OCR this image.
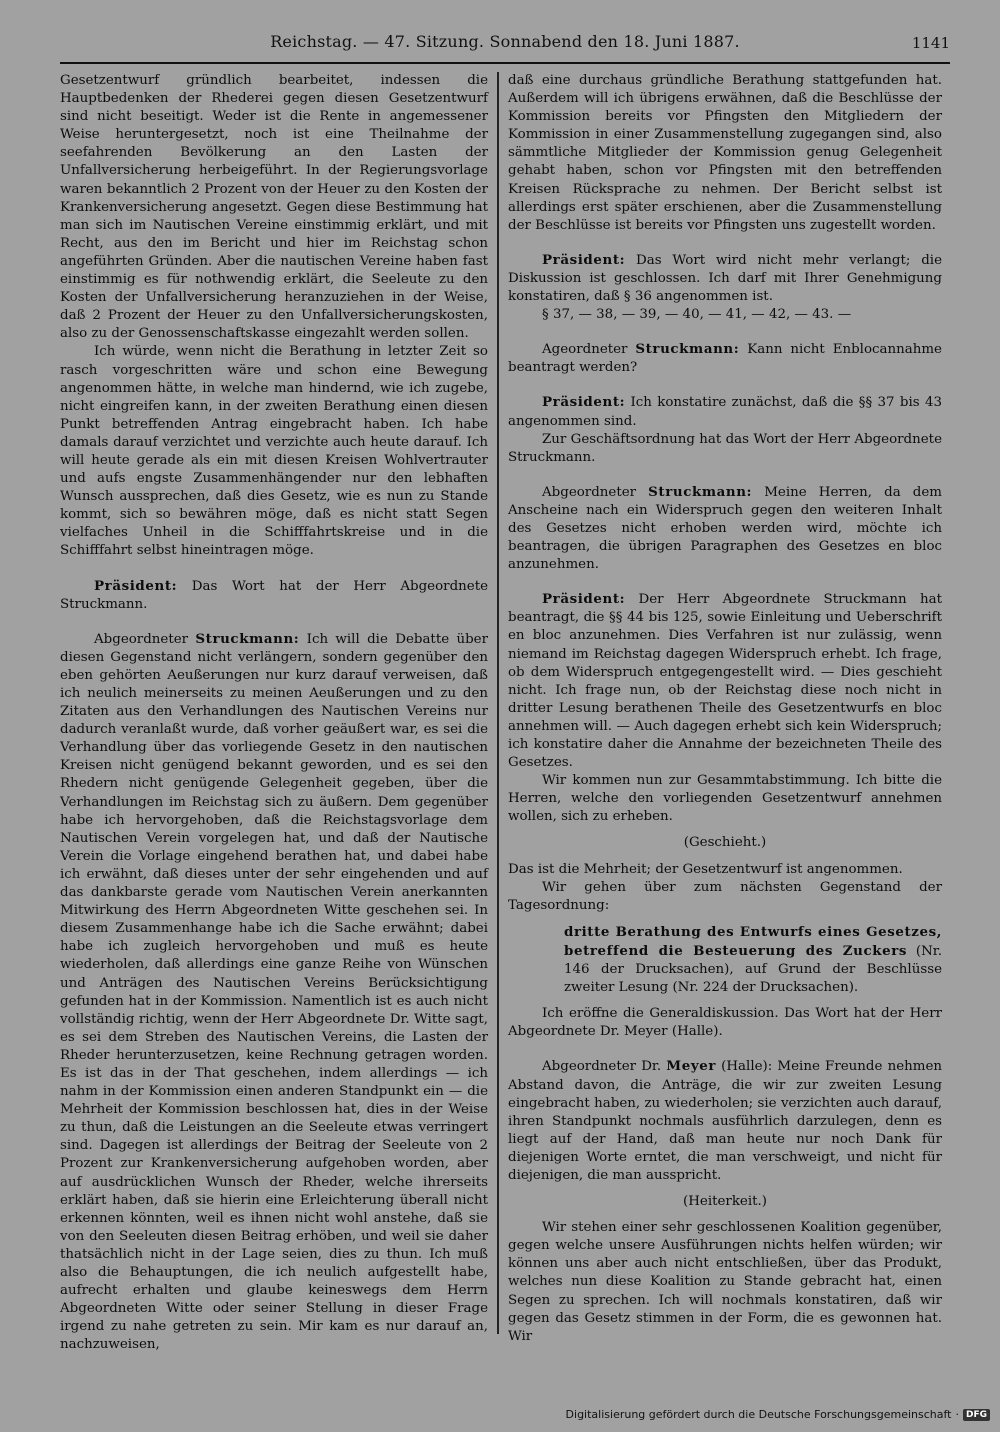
Reichstag. — 47. Sitzung. Sonnabend den 18. Juni 1887.	1141

Gesetzentwurf gründlich bearbeitet, indessen die Hauptbedenken der Rhederei gegen diesen Gesetzentwurf sind nicht beseitigt. Weder ist die Rente in angemessener Weise heruntergesetzt, noch ist eine Theilnahme der seefahrenden Bevölkerung an den Lasten der Unfallversicherung herbeigeführt. In der Regierungsvorlage waren bekanntlich 2 Prozent von der Heuer zu den Kosten der Krankenversicherung angesetzt. Gegen diese Bestimmung hat man sich im Nautischen Vereine einstimmig erklärt, und mit Recht, aus den im Bericht und hier im Reichstag schon angeführten Gründen. Aber die nautischen Vereine haben fast einstimmig es für nothwendig erklärt, die Seeleute zu den Kosten der Unfallversicherung heranzuziehen in der Weise, daß 2 Prozent der Heuer zu den Unfallversicherungskosten, also zu der Genossenschaftskasse eingezahlt werden sollen.

Ich würde, wenn nicht die Berathung in letzter Zeit so rasch vorgeschritten wäre und schon eine Bewegung angenommen hätte, in welche man hindernd, wie ich zugebe, nicht eingreifen kann, in der zweiten Berathung einen diesen Punkt betreffenden Antrag eingebracht haben. Ich habe damals darauf verzichtet und verzichte auch heute darauf. Ich will heute gerade als ein mit diesen Kreisen Wohlvertrauter und aufs engste Zusammenhängender nur den lebhaften Wunsch aussprechen, daß dies Gesetz, wie es nun zu Stande kommt, sich so bewähren möge, daß es nicht statt Segen vielfaches Unheil in die Schifffahrtskreise und in die Schifffahrt selbst hineintragen möge.

Präsident: Das Wort hat der Herr Abgeordnete Struckmann.

Abgeordneter Struckmann: Ich will die Debatte über diesen Gegenstand nicht verlängern, sondern gegenüber den eben gehörten Aeußerungen nur kurz darauf verweisen, daß ich neulich meinerseits zu meinen Aeußerungen und zu den Zitaten aus den Verhandlungen des Nautischen Vereins nur dadurch veranlaßt wurde, daß vorher geäußert war, es sei die Verhandlung über das vorliegende Gesetz in den nautischen Kreisen nicht genügend bekannt geworden, und es sei den Rhedern nicht genügende Gelegenheit gegeben, über die Verhandlungen im Reichstag sich zu äußern. Dem gegenüber habe ich hervorgehoben, daß die Reichstagsvorlage dem Nautischen Verein vorgelegen hat, und daß der Nautische Verein die Vorlage eingehend berathen hat, und dabei habe ich erwähnt, daß dieses unter der sehr eingehenden und auf das dankbarste gerade vom Nautischen Verein anerkannten Mitwirkung des Herrn Abgeordneten Witte geschehen sei. In diesem Zusammenhange habe ich die Sache erwähnt; dabei habe ich zugleich hervorgehoben und muß es heute wiederholen, daß allerdings eine ganze Reihe von Wünschen und Anträgen des Nautischen Vereins Berücksichtigung gefunden hat in der Kommission. Namentlich ist es auch nicht vollständig richtig, wenn der Herr Abgeordnete Dr. Witte sagt, es sei dem Streben des Nautischen Vereins, die Lasten der Rheder herunterzusetzen, keine Rechnung getragen worden. Es ist das in der That geschehen, indem allerdings — ich nahm in der Kommission einen anderen Standpunkt ein — die Mehrheit der Kommission beschlossen hat, dies in der Weise zu thun, daß die Leistungen an die Seeleute etwas verringert sind. Dagegen ist allerdings der Beitrag der Seeleute von 2 Prozent zur Krankenversicherung aufgehoben worden, aber auf ausdrücklichen Wunsch der Rheder, welche ihrerseits erklärt haben, daß sie hierin eine Erleichterung überall nicht erkennen könnten, weil es ihnen nicht wohl anstehe, daß sie von den Seeleuten diesen Beitrag erhöben, und weil sie daher thatsächlich nicht in der Lage seien, dies zu thun. Ich muß also die Behauptungen, die ich neulich aufgestellt habe, aufrecht erhalten und glaube keineswegs dem Herrn Abgeordneten Witte oder seiner Stellung in dieser Frage irgend zu nahe getreten zu sein. Mir kam es nur darauf an, nachzuweisen,

daß eine durchaus gründliche Berathung stattgefunden hat. Außerdem will ich übrigens erwähnen, daß die Beschlüsse der Kommission bereits vor Pfingsten den Mitgliedern der Kommission in einer Zusammenstellung zugegangen sind, also sämmtliche Mitglieder der Kommission genug Gelegenheit gehabt haben, schon vor Pfingsten mit den betreffenden Kreisen Rücksprache zu nehmen. Der Bericht selbst ist allerdings erst später erschienen, aber die Zusammenstellung der Beschlüsse ist bereits vor Pfingsten uns zugestellt worden.

Präsident: Das Wort wird nicht mehr verlangt; die Diskussion ist geschlossen. Ich darf mit Ihrer Genehmigung konstatiren, daß § 36 angenommen ist.

§ 37, — 38, — 39, — 40, — 41, — 42, — 43. —

Ageordneter Struckmann: Kann nicht Enblocannahme beantragt werden?

Präsident: Ich konstatire zunächst, daß die §§ 37 bis 43 angenommen sind.

Zur Geschäftsordnung hat das Wort der Herr Abgeordnete Struckmann.

Abgeordneter Struckmann: Meine Herren, da dem Anscheine nach ein Widerspruch gegen den weiteren Inhalt des Gesetzes nicht erhoben werden wird, möchte ich beantragen, die übrigen Paragraphen des Gesetzes en bloc anzunehmen.

Präsident: Der Herr Abgeordnete Struckmann hat beantragt, die §§ 44 bis 125, sowie Einleitung und Ueberschrift en bloc anzunehmen. Dies Verfahren ist nur zulässig, wenn niemand im Reichstag dagegen Widerspruch erhebt. Ich frage, ob dem Widerspruch entgegengestellt wird. — Dies geschieht nicht. Ich frage nun, ob der Reichstag diese noch nicht in dritter Lesung berathenen Theile des Gesetzentwurfs en bloc annehmen will. — Auch dagegen erhebt sich kein Widerspruch; ich konstatire daher die Annahme der bezeichneten Theile des Gesetzes.

Wir kommen nun zur Gesammtabstimmung. Ich bitte die Herren, welche den vorliegenden Gesetzentwurf annehmen wollen, sich zu erheben.

(Geschieht.)

Das ist die Mehrheit; der Gesetzentwurf ist angenommen.

Wir gehen über zum nächsten Gegenstand der Tagesordnung:

dritte Berathung des Entwurfs eines Gesetzes, betreffend die Besteuerung des Zuckers (Nr. 146 der Drucksachen), auf Grund der Beschlüsse zweiter Lesung (Nr. 224 der Drucksachen).

Ich eröffne die Generaldiskussion. Das Wort hat der Herr Abgeordnete Dr. Meyer (Halle).

Abgeordneter Dr. Meyer (Halle): Meine Freunde nehmen Abstand davon, die Anträge, die wir zur zweiten Lesung eingebracht haben, zu wiederholen; sie verzichten auch darauf, ihren Standpunkt nochmals ausführlich darzulegen, denn es liegt auf der Hand, daß man heute nur noch Dank für diejenigen Worte erntet, die man verschweigt, und nicht für diejenigen, die man ausspricht.

(Heiterkeit.)

Wir stehen einer sehr geschlossenen Koalition gegenüber, gegen welche unsere Ausführungen nichts helfen würden; wir können uns aber auch nicht entschließen, über das Produkt, welches nun diese Koalition zu Stande gebracht hat, einen Segen zu sprechen. Ich will nochmals konstatiren, daß wir gegen das Gesetz stimmen in der Form, die es gewonnen hat. Wir

Digitalisierung gefördert durch die Deutsche Forschungsgemeinschaft · DFG
